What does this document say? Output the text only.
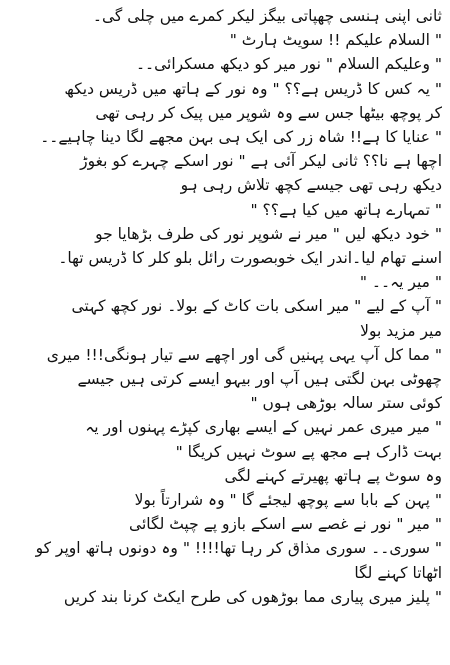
ثانی اپنی ہنسی چھپاتی بیگز لیکر کمرے میں چلی گی۔
" السلام علیکم !! سویٹ ہارٹ "
" وعلیکم السلام " نور میر کو دیکھ مسکرائی۔۔
" یہ کس کا ڈریس ہے؟؟ " وہ نور کے ہاتھ میں ڈریس دیکھ
کر پوچھ بیٹھا جس سے وہ شوپر میں پیک کر رہی تھی
" عنایا کا ہے!! شاہ زر کی ایک ہی بہن مجھے لگا دینا چاہیے۔۔
اچھا ہے نا؟؟ ثانی لیکر آئی ہے " نور اسکے چہرے کو بغوڑ
دیکھ رہی تھی جیسے کچھ تلاش رہی ہو
" تمہارے ہاتھ میں کیا ہے؟؟ "
" خود دیکھ لیں " میر نے شوپر نور کی طرف بڑھایا جو
اسنے تھام لیا۔اندر ایک خوبصورت رائل بلو کلر کا ڈریس تھا۔
" میر یہ۔۔ "
" آپ کے لیے " میر اسکی بات کاٹ کے بولا۔ نور کچھ کہتی
میر مزید بولا
" مما کل آپ یہی پہنیں گی اور اچھے سے تیار ہونگی!!! میری
چھوٹی بہن لگتی ہیں آپ اور بیہو ایسے کرتی ہیں جیسے
کوئی ستر سالہ بوڑھی ہوں "
" میر میری عمر نہیں کے ایسے بھاری کپڑے پہنوں اور یہ
بہت ڈارک ہے مجھ پے سوٹ نہیں کریگا "
وہ سوٹ پے ہاتھ پھیرتے کہنے لگی
" پہن کے بابا سے پوچھ لیجئے گا " وہ شرارتاً بولا
" میر " نور نے غصے سے اسکے بازو پے چپٹ لگائی
" سوری۔۔ سوری مذاق کر رہا تھا!!!! " وہ دونوں ہاتھ اوپر کو
اٹھاتا کہنے لگا
" پلیز میری پیاری مما بوڑھوں کی طرح ایکٹ کرنا بند کریں
